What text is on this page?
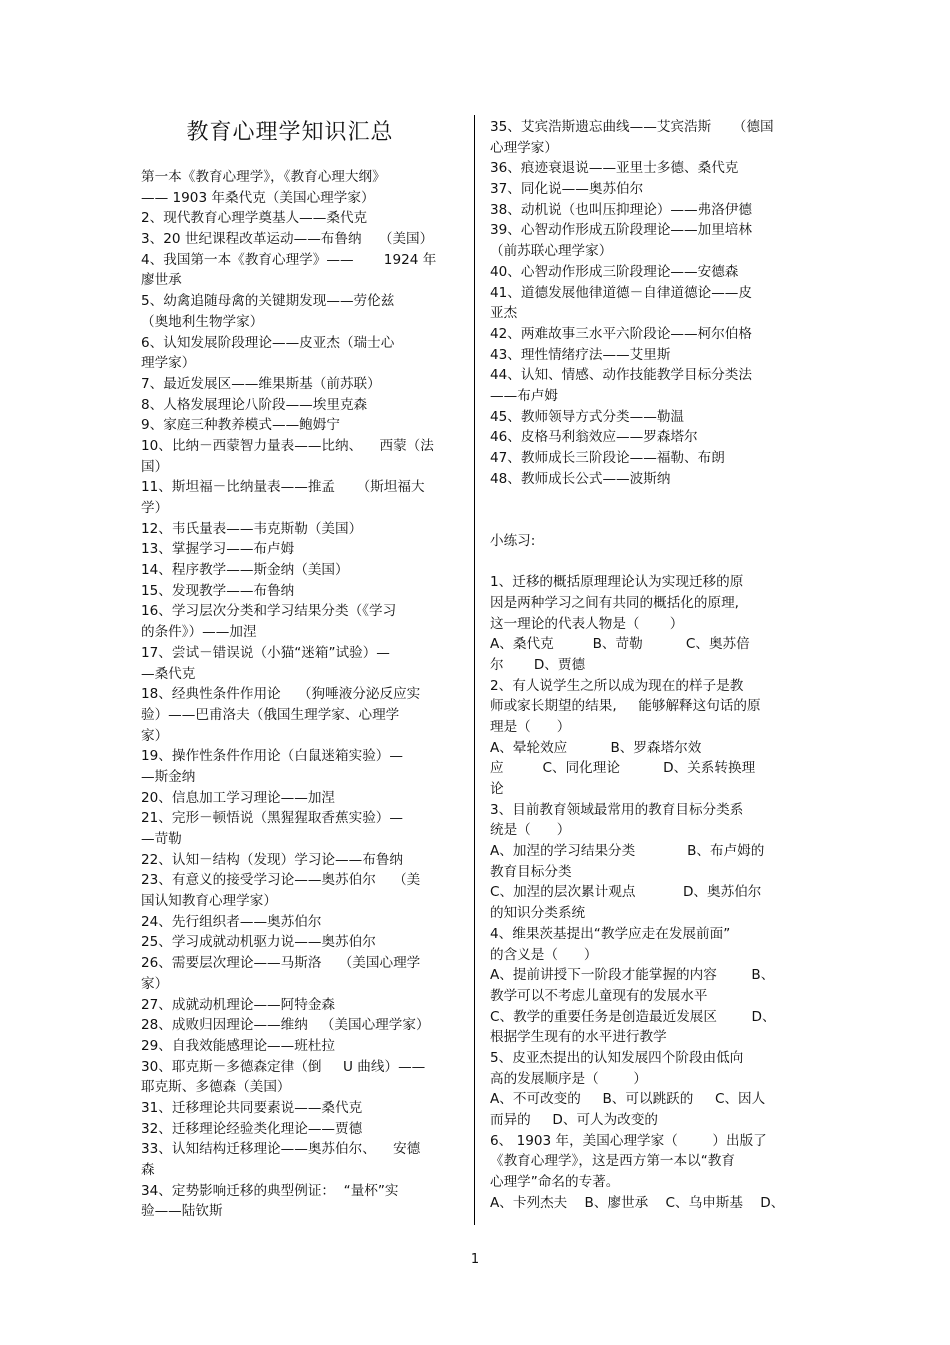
教育心理学知识汇总
第一本《教育心理学》，《教育心理大纲》
—— 1903 年桑代克（美国心理学家）
2、现代教育心理学奠基人——桑代克
3、20 世纪课程改革运动——布鲁纳    （美国）
4、我国第一本《教育心理学》——       1924 年
廖世承
5、幼禽追随母禽的关键期发现——劳伦兹
（奥地利生物学家）
6、认知发展阶段理论——皮亚杰（瑞士心
理学家）
7、最近发展区——维果斯基（前苏联）
8、人格发展理论八阶段——埃里克森
9、家庭三种教养模式——鲍姆宁
10、比纳－西蒙智力量表——比纳、    西蒙（法
国）
11、斯坦福－比纳量表——推孟     （斯坦福大
学）
12、韦氏量表——韦克斯勒（美国）
13、掌握学习——布卢姆
14、程序教学——斯金纳（美国）
15、发现教学——布鲁纳
16、学习层次分类和学习结果分类（《学习
的条件》）——加涅
17、尝试－错误说（小猫“迷箱”试验）—
—桑代克
18、经典性条件作用论    （狗唾液分泌反应实
验）——巴甫洛夫（俄国生理学家、心理学
家）
19、操作性条件作用论（白鼠迷箱实验）—
—斯金纳
20、信息加工学习理论——加涅
21、完形－顿悟说（黑猩猩取香蕉实验）—
—苛勒
22、认知－结构（发现）学习论——布鲁纳
23、有意义的接受学习论——奥苏伯尔    （美
国认知教育心理学家）
24、先行组织者——奥苏伯尔
25、学习成就动机驱力说——奥苏伯尔
26、需要层次理论——马斯洛    （美国心理学
家）
27、成就动机理论——阿特金森
28、成败归因理论——维纳   （美国心理学家）
29、自我效能感理论——班杜拉
30、耶克斯－多德森定律（倒     U 曲线）——
耶克斯、多德森（美国）
31、迁移理论共同要素说——桑代克
32、迁移理论经验类化理论——贾德
33、认知结构迁移理论——奥苏伯尔、    安德
森
34、定势影响迁移的典型例证：  “量杯”实
验——陆钦斯
35、艾宾浩斯遗忘曲线——艾宾浩斯     （德国
心理学家）
36、痕迹衰退说——亚里士多德、桑代克
37、同化说——奥苏伯尔
38、动机说（也叫压抑理论）——弗洛伊德
39、心智动作形成五阶段理论——加里培林
（前苏联心理学家）
40、心智动作形成三阶段理论——安德森
41、道德发展他律道德－自律道德论——皮
亚杰
42、两难故事三水平六阶段论——柯尔伯格
43、理性情绪疗法——艾里斯
44、认知、情感、动作技能教学目标分类法
——布卢姆
45、教师领导方式分类——勒温
46、皮格马利翁效应——罗森塔尔
47、教师成长三阶段论——福勒、布朗
48、教师成长公式——波斯纳
小练习:
1、迁移的概括原理理论认为实现迁移的原
因是两种学习之间有共同的概括化的原理,
这一理论的代表人物是（       ）
A、桑代克         B、苛勒          C、奥苏倍
尔       D、贾德
2、有人说学生之所以成为现在的样子是教
师或家长期望的结果,     能够解释这句话的原
理是（      ）
A、晕轮效应          B、罗森塔尔效
应         C、同化理论          D、关系转换理
论
3、目前教育领域最常用的教育目标分类系
统是（      ）
A、加涅的学习结果分类            B、布卢姆的
教育目标分类
C、加涅的层次累计观点           D、奥苏伯尔
的知识分类系统
4、维果茨基提出“教学应走在发展前面”
的含义是（      ）
A、提前讲授下一阶段才能掌握的内容        B、
教学可以不考虑儿童现有的发展水平
C、教学的重要任务是创造最近发展区        D、
根据学生现有的水平进行教学
5、皮亚杰提出的认知发展四个阶段由低向
高的发展顺序是（        ）
A、不可改变的     B、可以跳跃的     C、因人
而异的     D、可人为改变的
6、 1903 年，美国心理学家（        ）出版了
《教育心理学》，这是西方第一本以“教育
心理学”命名的专著。
A、卡列杰夫    B、廖世承    C、乌申斯基    D、
1
